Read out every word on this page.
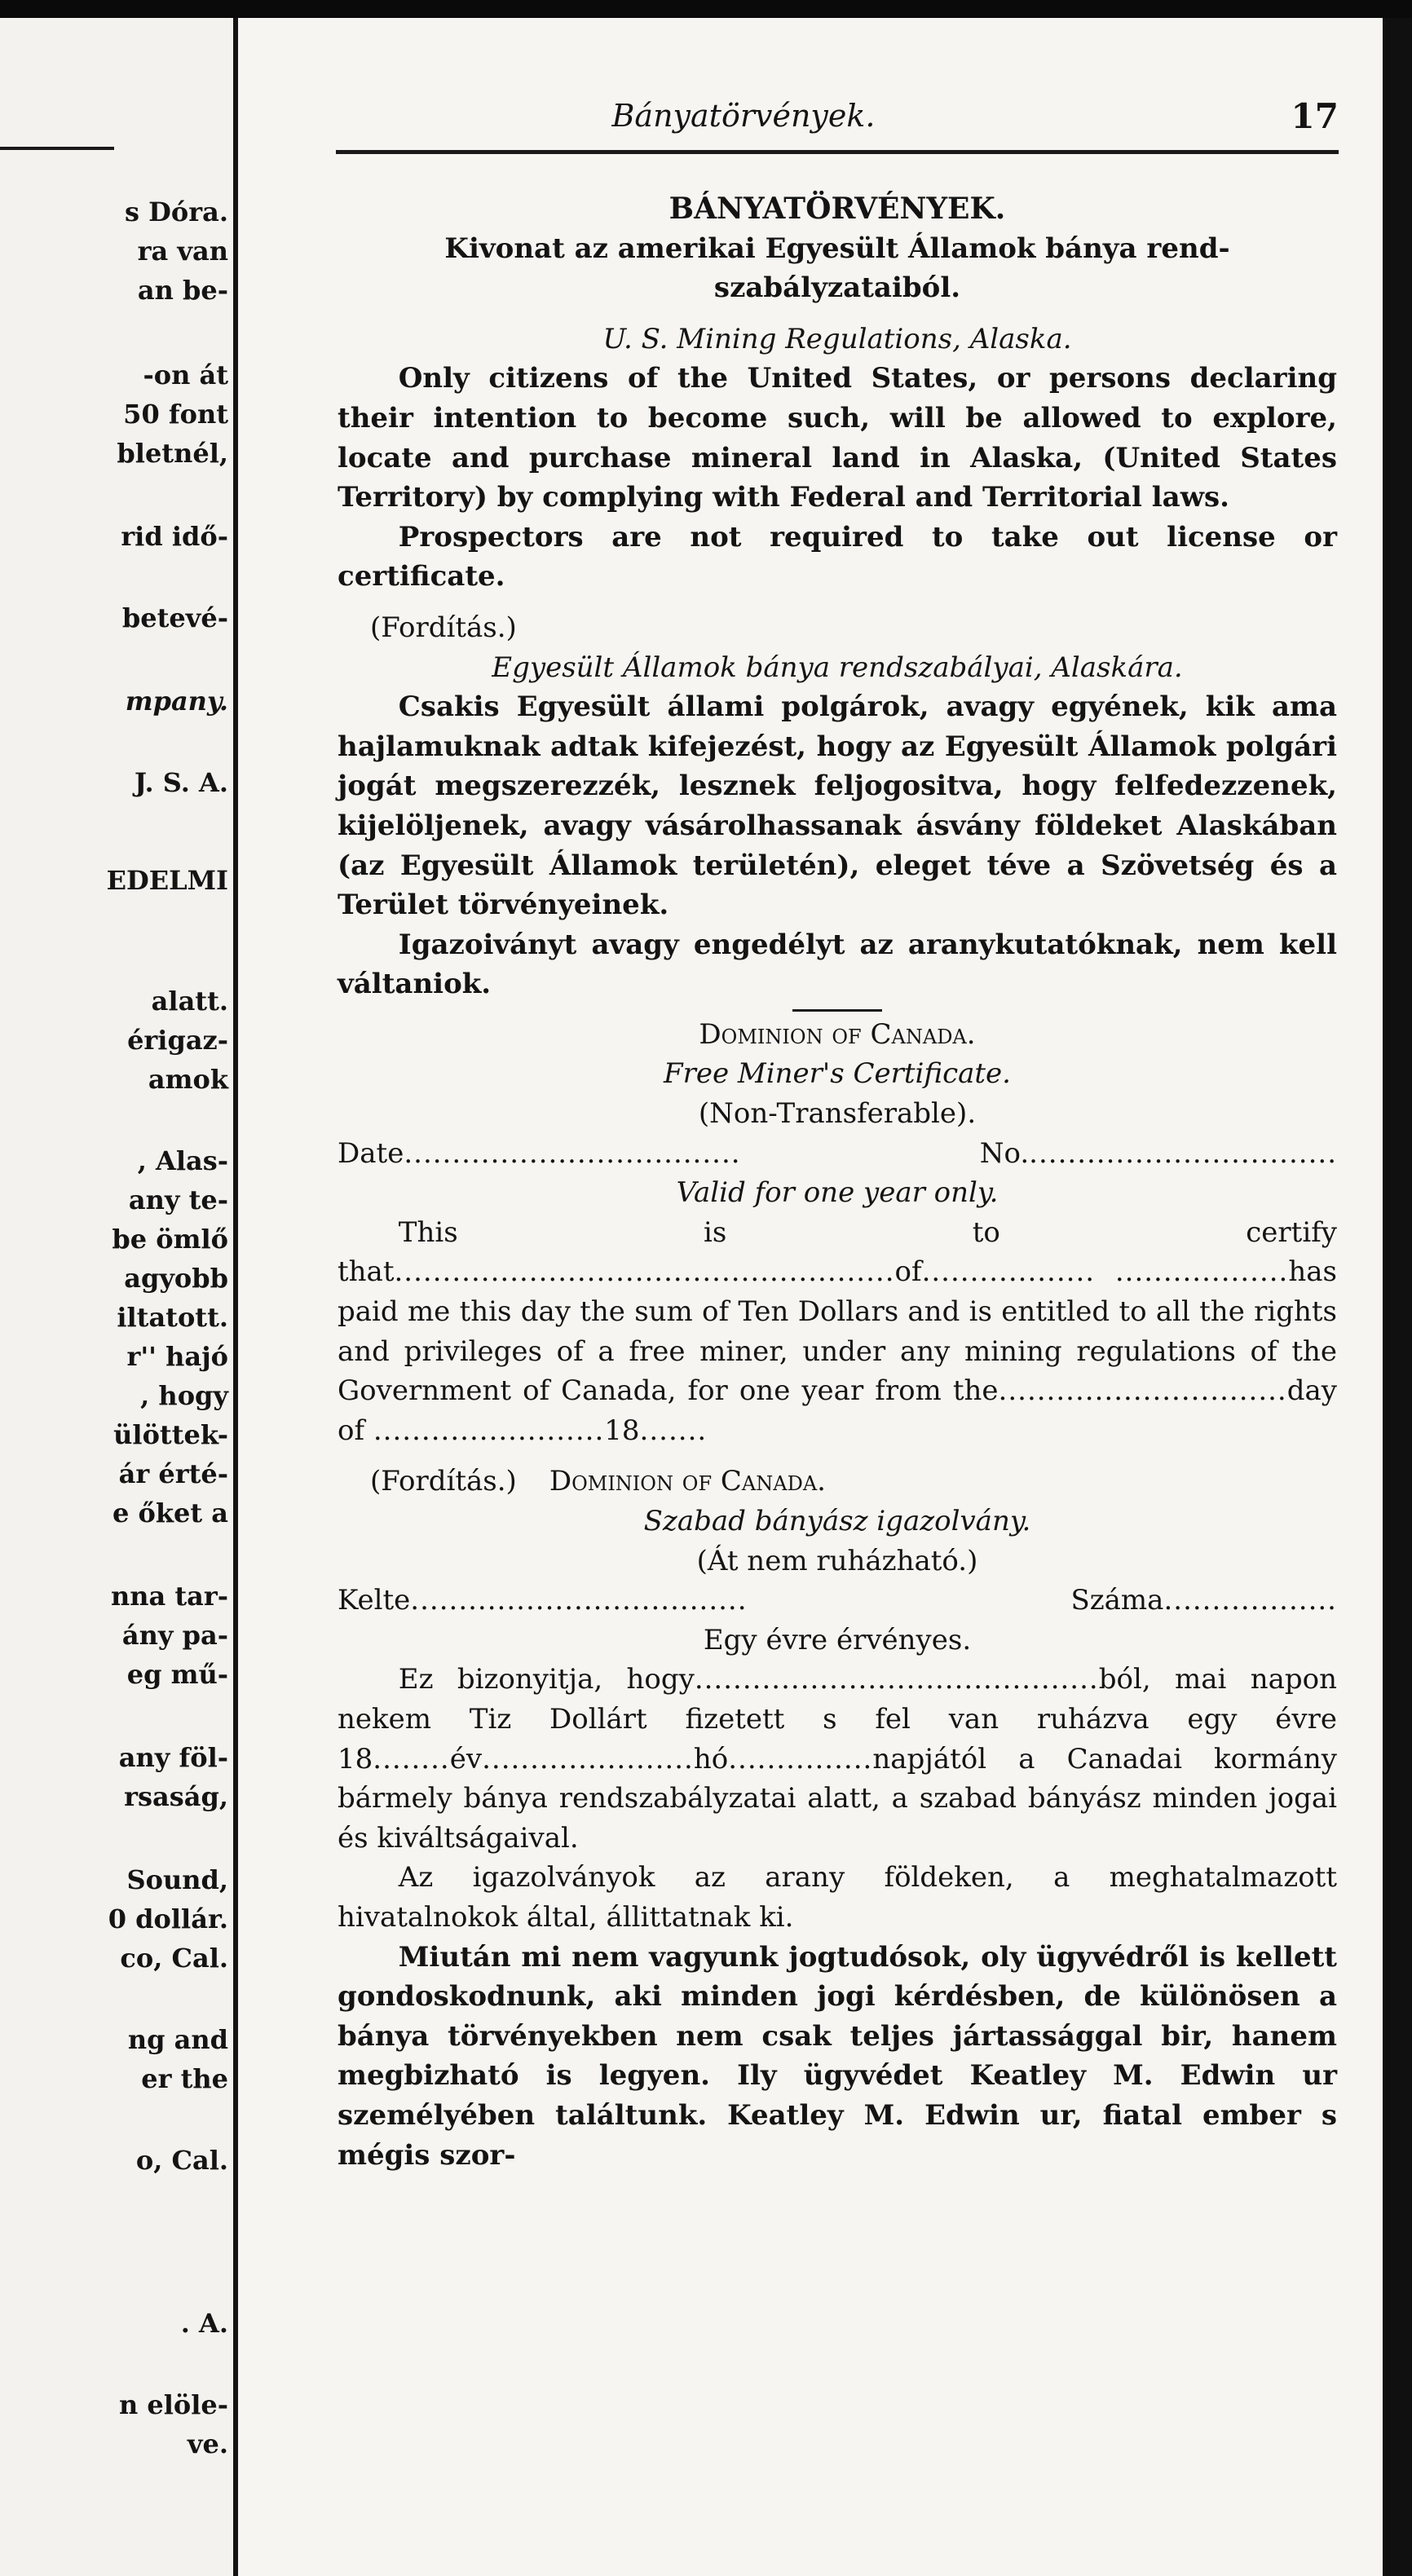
s Dóra.
ra van
an be-
-on át
50 font
bletnél,
rid idő-
betevé-
mpany.
J. S. A.
EDELMI
alatt.
érigaz-
amok
, Alas-
any te-
be ömlő
agyobb
iltatott.
r'' hajó
, hogy
ülöttek-
ár érté-
e őket a
nna tar-
ány pa-
eg mű-
any föl-
rsaság,
Sound,
0 dollár.
co, Cal.
ng and
er the
o, Cal.
. A.
n elöle-
ve.
Bányatörvények.	17
BÁNYATÖRVÉNYEK.
Kivonat az amerikai Egyesült Államok bánya rend-szabályzataiból.
U. S. Mining Regulations, Alaska.
Only citizens of the United States, or persons declaring their intention to become such, will be allowed to explore, locate and purchase mineral land in Alaska, (United States Territory) by complying with Federal and Territorial laws.
Prospectors are not required to take out license or certificate.
(Fordítás.)
Egyesült Államok bánya rendszabályai, Alaskára.
Csakis Egyesült állami polgárok, avagy egyének, kik ama hajlamuknak adtak kifejezést, hogy az Egyesült Államok polgári jogát megszerezzék, lesznek feljogositva, hogy felfedezzenek, kijelöljenek, avagy vásárolhassanak ásvány földeket Alaskában (az Egyesült Államok területén), eleget téve a Szövetség és a Terület törvényeinek.
Igazoiványt avagy engedélyt az aranykutatóknak, nem kell váltaniok.
Dominion of Canada.
Free Miner's Certificate.
(Non-Transferable).
Date...................................	No.................................
Valid for one year only.
This is to certify that....................................................of.................. ..................has paid me this day the sum of Ten Dollars and is entitled to all the rights and privileges of a free miner, under any mining regulations of the Government of Canada, for one year from the..............................day of ........................18.......
(Fordítás.) Dominion of Canada.
Szabad bányász igazolvány.
(Át nem ruházható.)
Kelte...................................	Száma..................
Egy évre érvényes.
Ez bizonyitja, hogy..........................................ból, mai napon nekem Tiz Dollárt fizetett s fel van ruházva egy évre 18........év......................hó...............napjától a Canadai kormány bármely bánya rendszabályzatai alatt, a szabad bányász minden jogai és kiváltságaival.
Az igazolványok az arany földeken, a meghatalmazott hivatalnokok által, állittatnak ki.
Miután mi nem vagyunk jogtudósok, oly ügyvédről is kellett gondoskodnunk, aki minden jogi kérdésben, de különösen a bánya törvényekben nem csak teljes jártassággal bir, hanem megbizható is legyen. Ily ügyvédet Keatley M. Edwin ur személyében találtunk. Keatley M. Edwin ur, fiatal ember s mégis szor-
